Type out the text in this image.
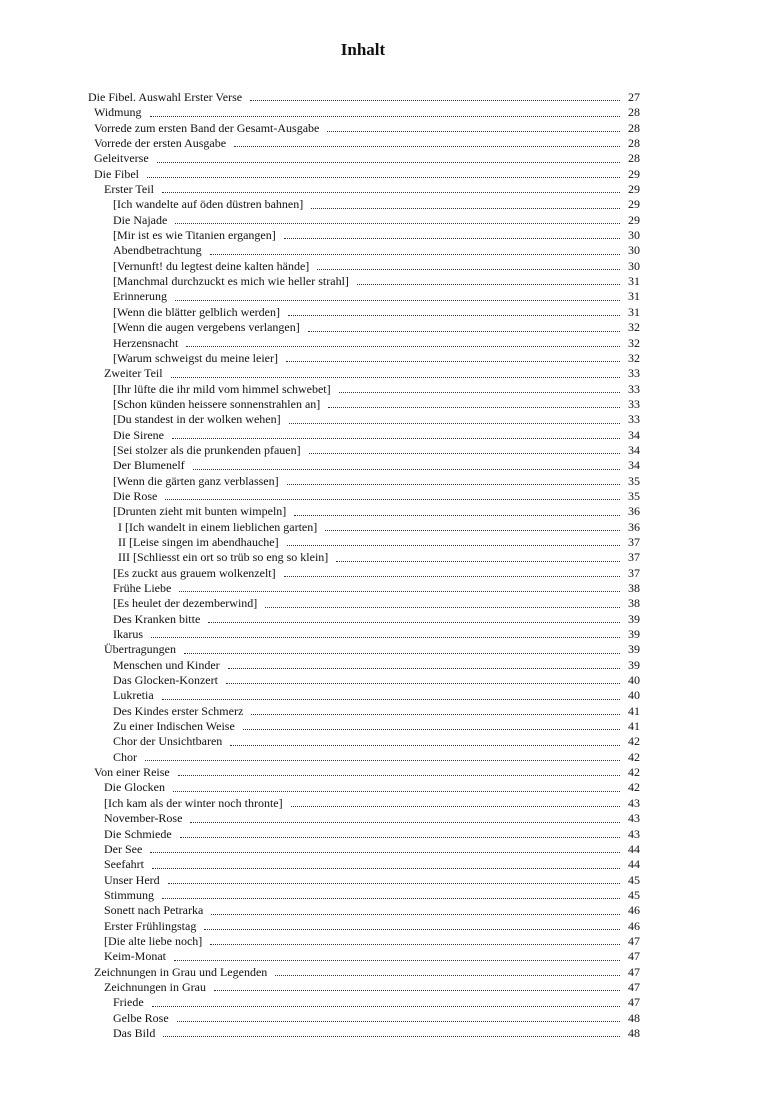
Inhalt
Die Fibel. Auswahl Erster Verse	27
Widmung	28
Vorrede zum ersten Band der Gesamt-Ausgabe	28
Vorrede der ersten Ausgabe	28
Geleitverse	28
Die Fibel	29
Erster Teil	29
[Ich wandelte auf öden düstren bahnen]	29
Die Najade	29
[Mir ist es wie Titanien ergangen]	30
Abendbetrachtung	30
[Vernunft! du legtest deine kalten hände]	30
[Manchmal durchzuckt es mich wie heller strahl]	31
Erinnerung	31
[Wenn die blätter gelblich werden]	31
[Wenn die augen vergebens verlangen]	32
Herzensnacht	32
[Warum schweigst du meine leier]	32
Zweiter Teil	33
[Ihr lüfte die ihr mild vom himmel schwebet]	33
[Schon künden heissere sonnenstrahlen an]	33
[Du standest in der wolken wehen]	33
Die Sirene	34
[Sei stolzer als die prunkenden pfauen]	34
Der Blumenelf	34
[Wenn die gärten ganz verblassen]	35
Die Rose	35
[Drunten zieht mit bunten wimpeln]	36
I [Ich wandelt in einem lieblichen garten]	36
II [Leise singen im abendhauche]	37
III [Schliesst ein ort so trüb so eng so klein]	37
[Es zuckt aus grauem wolkenzelt]	37
Frühe Liebe	38
[Es heulet der dezemberwind]	38
Des Kranken bitte	39
Ikarus	39
Übertragungen	39
Menschen und Kinder	39
Das Glocken-Konzert	40
Lukretia	40
Des Kindes erster Schmerz	41
Zu einer Indischen Weise	41
Chor der Unsichtbaren	42
Chor	42
Von einer Reise	42
Die Glocken	42
[Ich kam als der winter noch thronte]	43
November-Rose	43
Die Schmiede	43
Der See	44
Seefahrt	44
Unser Herd	45
Stimmung	45
Sonett nach Petrarka	46
Erster Frühlingstag	46
[Die alte liebe noch]	47
Keim-Monat	47
Zeichnungen in Grau und Legenden	47
Zeichnungen in Grau	47
Friede	47
Gelbe Rose	48
Das Bild	48
